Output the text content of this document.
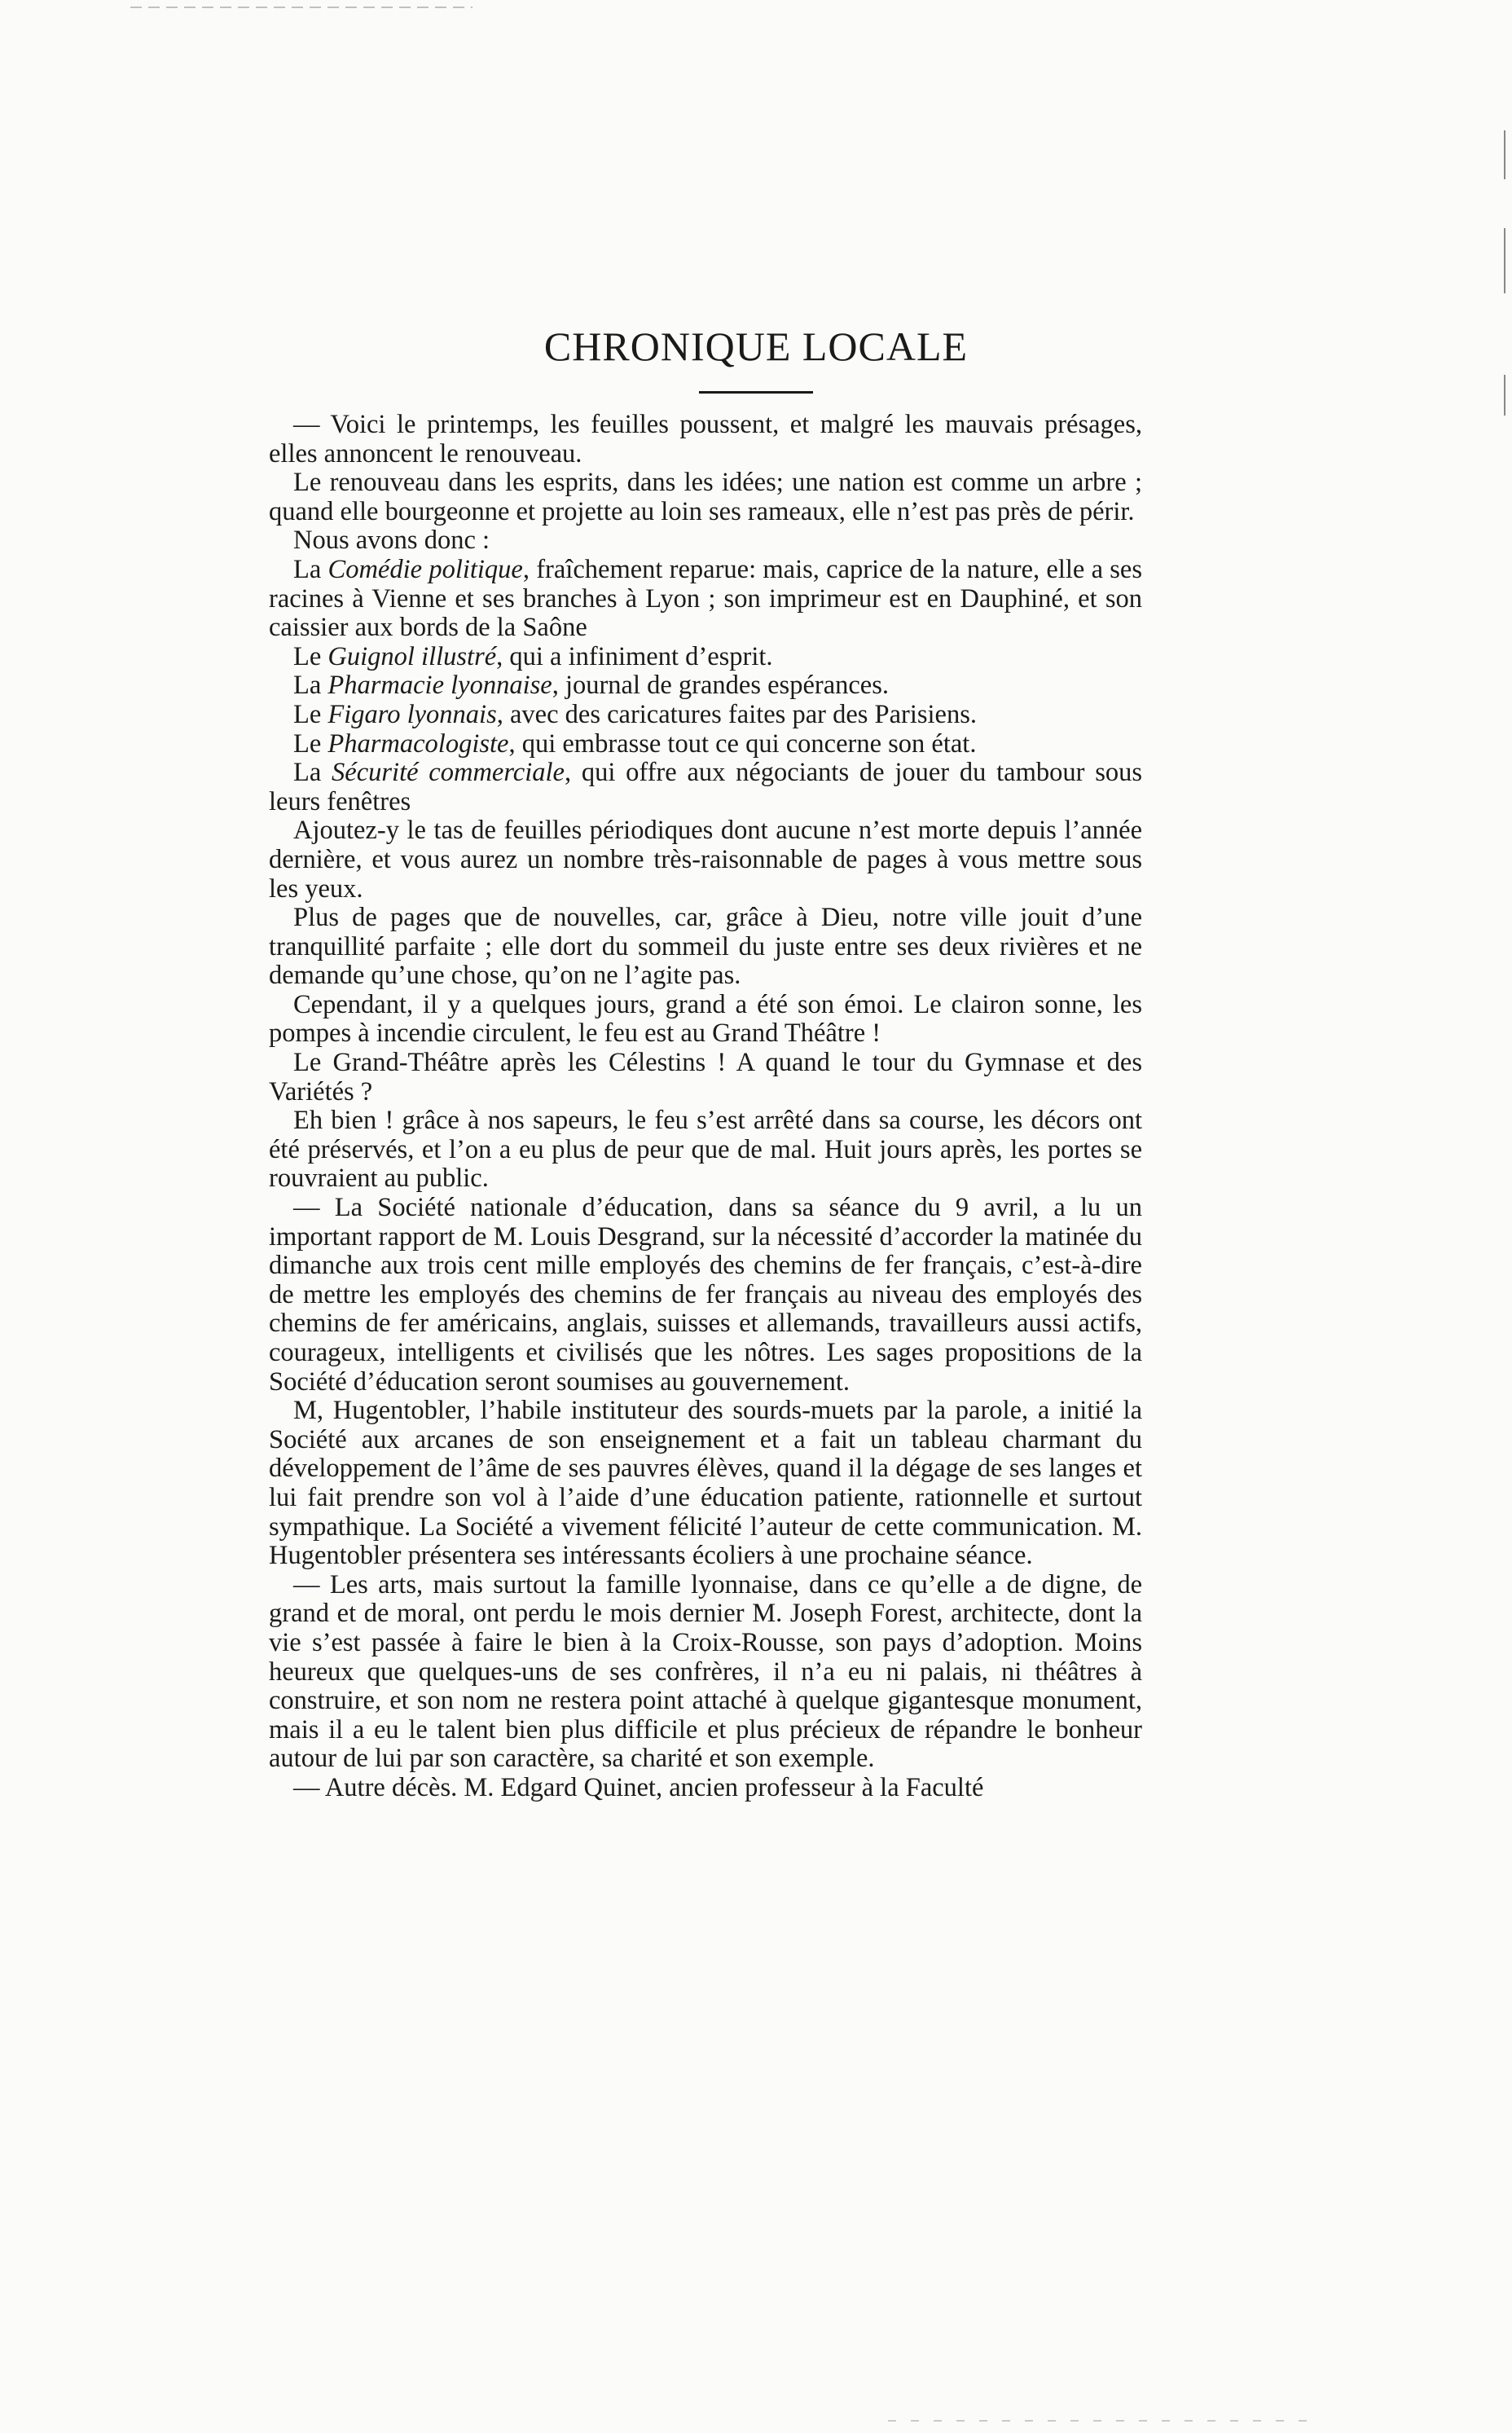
CHRONIQUE LOCALE

— Voici le printemps, les feuilles poussent, et malgré les mauvais présages, elles annoncent le renouveau.

Le renouveau dans les esprits, dans les idées; une nation est comme un arbre ; quand elle bourgeonne et projette au loin ses rameaux, elle n’est pas près de périr.

Nous avons donc :

La Comédie politique, fraîchement reparue: mais, caprice de la nature, elle a ses racines à Vienne et ses branches à Lyon ; son imprimeur est en Dauphiné, et son caissier aux bords de la Saône

Le Guignol illustré, qui a infiniment d’esprit.

La Pharmacie lyonnaise, journal de grandes espérances.

Le Figaro lyonnais, avec des caricatures faites par des Parisiens.

Le Pharmacologiste, qui embrasse tout ce qui concerne son état.

La Sécurité commerciale, qui offre aux négociants de jouer du tambour sous leurs fenêtres

Ajoutez-y le tas de feuilles périodiques dont aucune n’est morte depuis l’année dernière, et vous aurez un nombre très-raisonnable de pages à vous mettre sous les yeux.

Plus de pages que de nouvelles, car, grâce à Dieu, notre ville jouit d’une tranquillité parfaite ; elle dort du sommeil du juste entre ses deux rivières et ne demande qu’une chose, qu’on ne l’agite pas.

Cependant, il y a quelques jours, grand a été son émoi. Le clairon sonne, les pompes à incendie circulent, le feu est au Grand Théâtre !

Le Grand-Théâtre après les Célestins ! A quand le tour du Gymnase et des Variétés ?

Eh bien ! grâce à nos sapeurs, le feu s’est arrêté dans sa course, les décors ont été préservés, et l’on a eu plus de peur que de mal. Huit jours après, les portes se rouvraient au public.

— La Société nationale d’éducation, dans sa séance du 9 avril, a lu un important rapport de M. Louis Desgrand, sur la nécessité d’accorder la matinée du dimanche aux trois cent mille employés des chemins de fer français, c’est-à-dire de mettre les employés des chemins de fer français au niveau des employés des chemins de fer américains, anglais, suisses et allemands, travailleurs aussi actifs, courageux, intelligents et civilisés que les nôtres. Les sages propositions de la Société d’éducation seront soumises au gouvernement.

M, Hugentobler, l’habile instituteur des sourds-muets par la parole, a initié la Société aux arcanes de son enseignement et a fait un tableau charmant du développement de l’âme de ses pauvres élèves, quand il la dégage de ses langes et lui fait prendre son vol à l’aide d’une éducation patiente, rationnelle et surtout sympathique. La Société a vivement félicité l’auteur de cette communication. M. Hugentobler présentera ses intéressants écoliers à une prochaine séance.

— Les arts, mais surtout la famille lyonnaise, dans ce qu’elle a de digne, de grand et de moral, ont perdu le mois dernier M. Joseph Forest, architecte, dont la vie s’est passée à faire le bien à la Croix-Rousse, son pays d’adoption. Moins heureux que quelques-uns de ses confrères, il n’a eu ni palais, ni théâtres à construire, et son nom ne restera point attaché à quelque gigantesque monument, mais il a eu le talent bien plus difficile et plus précieux de répandre le bonheur autour de lui par son caractère, sa charité et son exemple.

— Autre décès. M. Edgard Quinet, ancien professeur à la Faculté
